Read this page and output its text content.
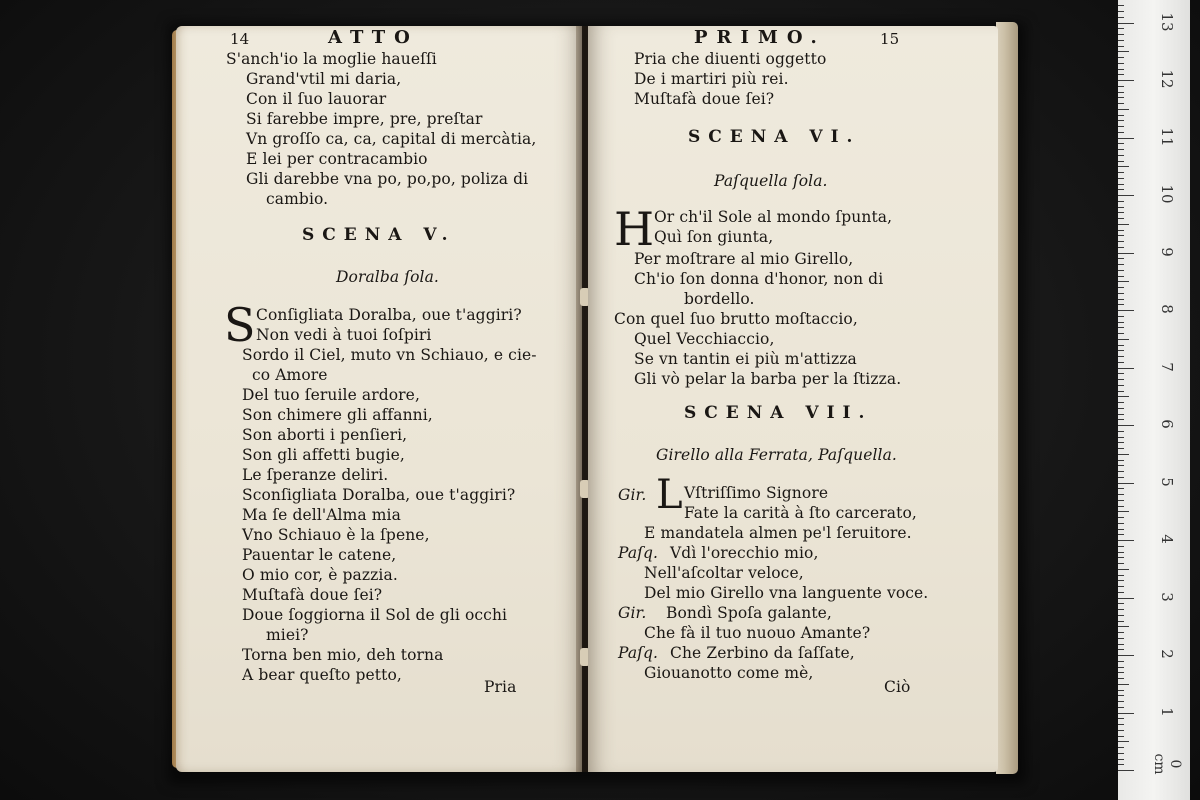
14	ATTO
S'anch'io la moglie haueſſi
Grand'vtil mi daria,
Con il ſuo lauorar
Si farebbe impre, pre, preſtar
Vn groſſo ca, ca, capital di mercàtia,
E lei per contracambio
Gli darebbe vna po, po,po, poliza di
cambio.
SCENA V.
Doralba ſola.
S Conſigliata Doralba, oue t'aggiri?
Non vedi à tuoi ſoſpiri
Sordo il Ciel, muto vn Schiauo, e cie-
co Amore
Del tuo ſeruile ardore,
Son chimere gli affanni,
Son aborti i penſieri,
Son gli affetti bugie,
Le ſperanze deliri.
Sconſigliata Doralba, oue t'aggiri?
Ma ſe dell'Alma mia
Vno Schiauo è la ſpene,
Pauentar le catene,
O mio cor, è pazzia.
Muſtafà doue ſei?
Doue ſoggiorna il Sol de gli occhi
miei?
Torna ben mio, deh torna
A bear queſto petto,
Pria
PRIMO.	15
Pria che diuenti oggetto
De i martiri più rei.
Muſtafà doue ſei?
SCENA VI.
Paſquella ſola.
H Or ch'il Sole al mondo ſpunta,
Quì ſon giunta,
Per moſtrare al mio Girello,
Ch'io ſon donna d'honor, non di
bordello.
Con quel ſuo brutto moſtaccio,
Quel Vecchiaccio,
Se vn tantin ei più m'attizza
Gli vò pelar la barba per la ſtizza.
SCENA VII.
Girello alla Ferrata, Paſquella.
Gir. L Vſtriſſimo Signore
Fate la carità à ſto carcerato,
E mandatela almen pe'l ſeruitore.
Paſq. Vdì l'orecchio mio,
Nell'aſcoltar veloce,
Del mio Girello vna languente voce.
Gir. Bondì Spoſa galante,
Che fà il tuo nuouo Amante?
Paſq. Che Zerbino da ſaſſate,
Giouanotto come mè,
Ciò
0 cm
1
2
3
4
5
6
7
8
9
10
11
12
13
